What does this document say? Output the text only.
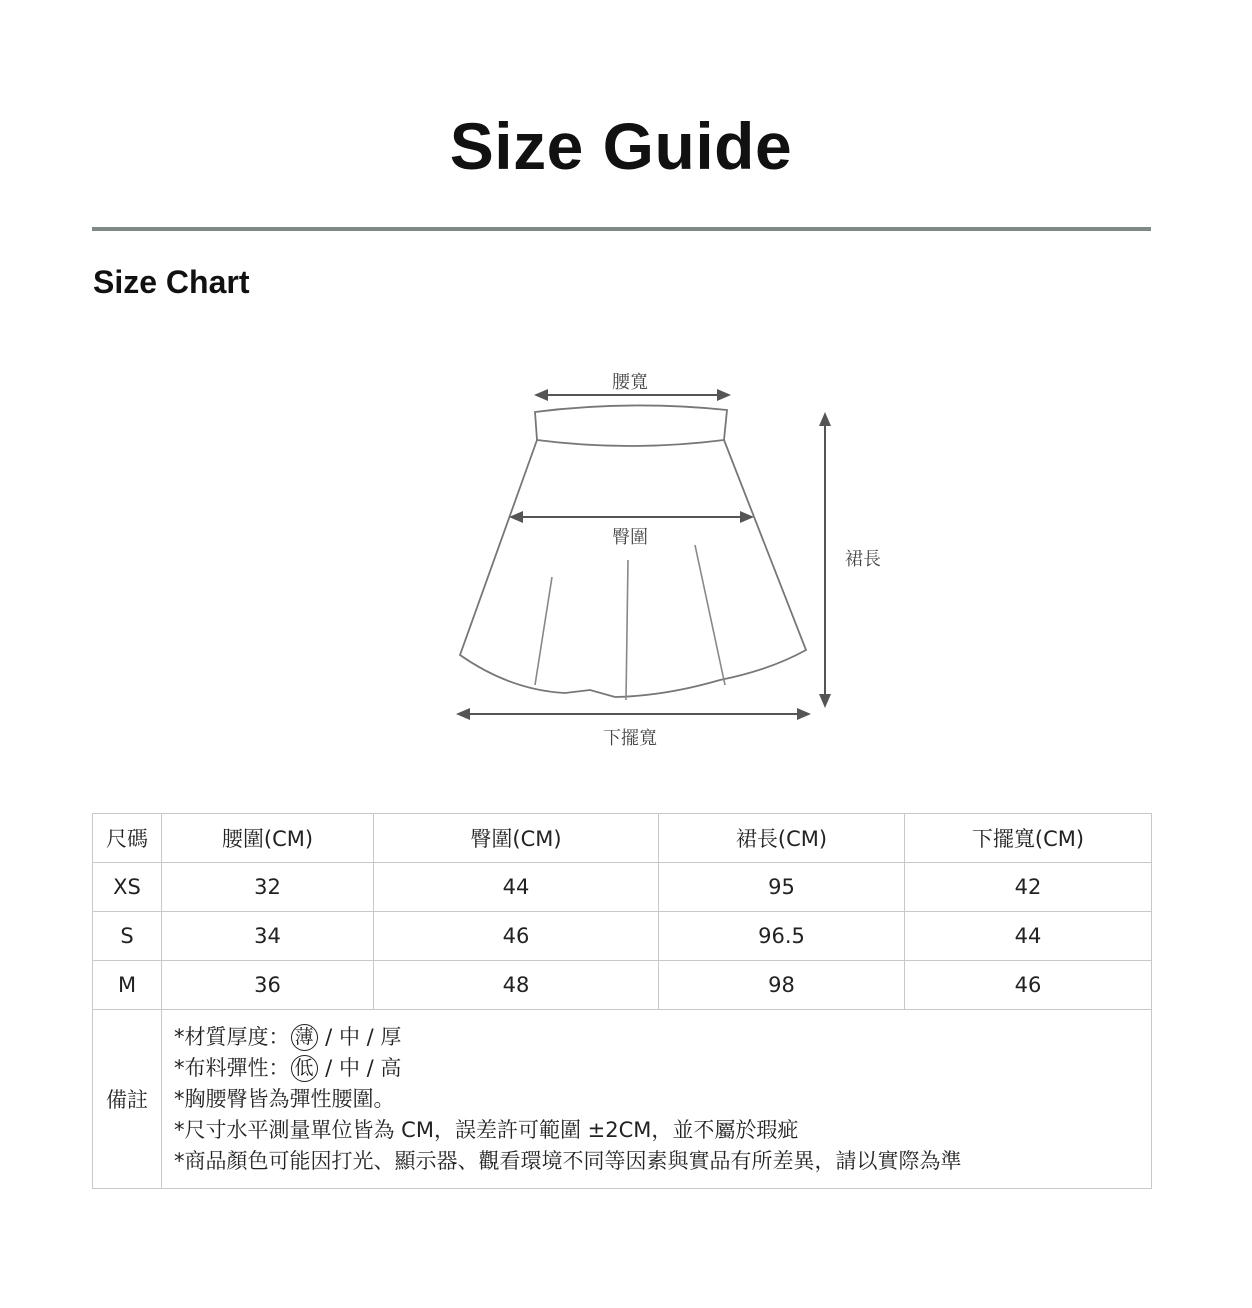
Size Guide
Size Chart
腰寬
臀圍
裙長
下擺寬
尺碼	腰圍(CM)	臀圍(CM)	裙長(CM)	下擺寬(CM)
XS	32	44	95	42
S	34	46	96.5	44
M	36	48	98	46
備註	*材質厚度： 薄 / 中 / 厚
*布料彈性： 低 / 中 / 高
*胸腰臀皆為彈性腰圍。
*尺寸水平測量單位皆為 CM，誤差許可範圍 ±2CM，並不屬於瑕疵
*商品顏色可能因打光、顯示器、觀看環境不同等因素與實品有所差異，請以實際為準			
